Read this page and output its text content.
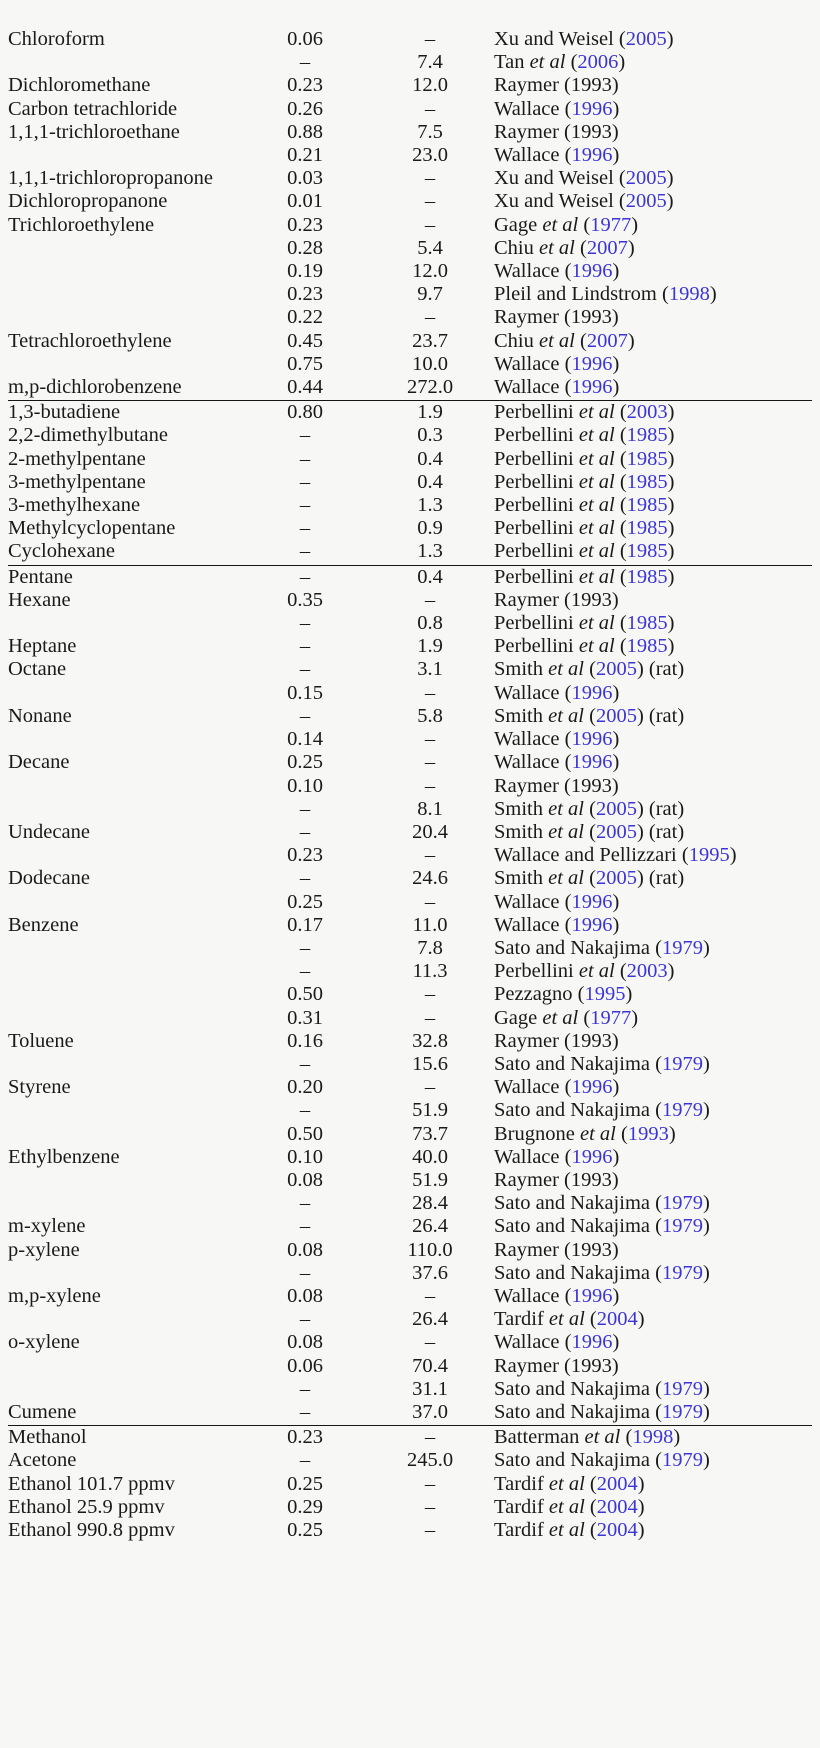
Chloroform	0.06	–	Xu and Weisel (2005)
	–	7.4	Tan et al (2006)
Dichloromethane	0.23	12.0	Raymer (1993)
Carbon tetrachloride	0.26	–	Wallace (1996)
1,1,1-trichloroethane	0.88	7.5	Raymer (1993)
	0.21	23.0	Wallace (1996)
1,1,1-trichloropropanone	0.03	–	Xu and Weisel (2005)
Dichloropropanone	0.01	–	Xu and Weisel (2005)
Trichloroethylene	0.23	–	Gage et al (1977)
	0.28	5.4	Chiu et al (2007)
	0.19	12.0	Wallace (1996)
	0.23	9.7	Pleil and Lindstrom (1998)
	0.22	–	Raymer (1993)
Tetrachloroethylene	0.45	23.7	Chiu et al (2007)
	0.75	10.0	Wallace (1996)
m,p-dichlorobenzene	0.44	272.0	Wallace (1996)
1,3-butadiene	0.80	1.9	Perbellini et al (2003)
2,2-dimethylbutane	–	0.3	Perbellini et al (1985)
2-methylpentane	–	0.4	Perbellini et al (1985)
3-methylpentane	–	0.4	Perbellini et al (1985)
3-methylhexane	–	1.3	Perbellini et al (1985)
Methylcyclopentane	–	0.9	Perbellini et al (1985)
Cyclohexane	–	1.3	Perbellini et al (1985)
Pentane	–	0.4	Perbellini et al (1985)
Hexane	0.35	–	Raymer (1993)
	–	0.8	Perbellini et al (1985)
Heptane	–	1.9	Perbellini et al (1985)
Octane	–	3.1	Smith et al (2005) (rat)
	0.15	–	Wallace (1996)
Nonane	–	5.8	Smith et al (2005) (rat)
	0.14	–	Wallace (1996)
Decane	0.25	–	Wallace (1996)
	0.10	–	Raymer (1993)
	–	8.1	Smith et al (2005) (rat)
Undecane	–	20.4	Smith et al (2005) (rat)
	0.23	–	Wallace and Pellizzari (1995)
Dodecane	–	24.6	Smith et al (2005) (rat)
	0.25	–	Wallace (1996)
Benzene	0.17	11.0	Wallace (1996)
	–	7.8	Sato and Nakajima (1979)
	–	11.3	Perbellini et al (2003)
	0.50	–	Pezzagno (1995)
	0.31	–	Gage et al (1977)
Toluene	0.16	32.8	Raymer (1993)
	–	15.6	Sato and Nakajima (1979)
Styrene	0.20	–	Wallace (1996)
	–	51.9	Sato and Nakajima (1979)
	0.50	73.7	Brugnone et al (1993)
Ethylbenzene	0.10	40.0	Wallace (1996)
	0.08	51.9	Raymer (1993)
	–	28.4	Sato and Nakajima (1979)
m-xylene	–	26.4	Sato and Nakajima (1979)
p-xylene	0.08	110.0	Raymer (1993)
	–	37.6	Sato and Nakajima (1979)
m,p-xylene	0.08	–	Wallace (1996)
	–	26.4	Tardif et al (2004)
o-xylene	0.08	–	Wallace (1996)
	0.06	70.4	Raymer (1993)
	–	31.1	Sato and Nakajima (1979)
Cumene	–	37.0	Sato and Nakajima (1979)
Methanol	0.23	–	Batterman et al (1998)
Acetone	–	245.0	Sato and Nakajima (1979)
Ethanol 101.7 ppmv	0.25	–	Tardif et al (2004)
Ethanol 25.9 ppmv	0.29	–	Tardif et al (2004)
Ethanol 990.8 ppmv	0.25	–	Tardif et al (2004)
